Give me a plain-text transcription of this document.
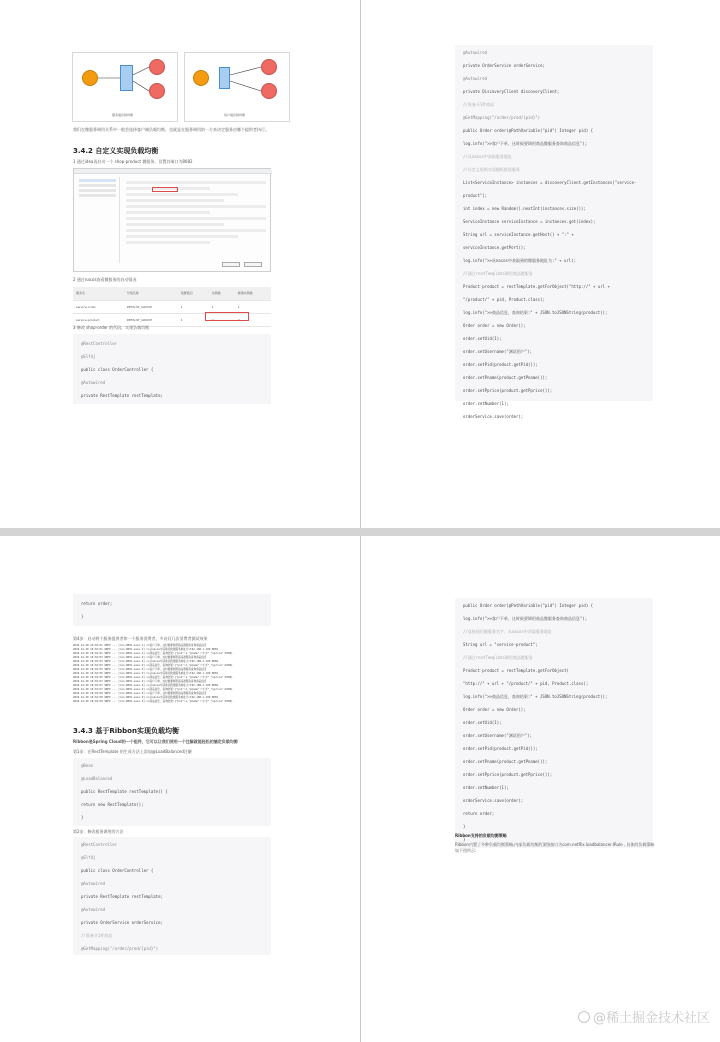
服务端负载均衡	客户端负载均衡
我们在微服务调用关系中一般会选择客户端负载均衡，也就是在服务调用的一方来决定服务由哪个提供者执行。
3.4.2 自定义实现负载均衡
1 通过idea再启动一个 shop-product 微服务，设置其端口为8082
2 通过nacos查看微服务的启动情况
服务名	分组名称	集群数目	实例数	健康实例数
service-order	DEFAULT_GROUP	1	1	1
service-product	DEFAULT_GROUP	1	2	2
3 修改 shop-order 的代码，实现负载均衡
@RestController
@Slf4j
public class OrderController {
@Autowired
private RestTemplate restTemplate;
@Autowired
private OrderService orderService;
@Autowired
private DiscoveryClient discoveryClient;
//准备买1件商品
@GetMapping("/order/prod/{pid}")
public Order order(@PathVariable("pid") Integer pid) {
log.info(">>客户下单，这时候要调用商品微服务查询商品信息");
//从nacos中获取服务地址
//自定义规则实现随机挑选服务
List<ServiceInstance> instances = discoveryClient.getInstances("service-
product");
int index = new Random().nextInt(instances.size());
ServiceInstance serviceInstance = instances.get(index);
String url = serviceInstance.getHost() + ":" +
serviceInstance.getPort();
log.info(">>从nacos中获取到的微服务地址为:" + url);
//通过restTemplate调用商品微服务
Product product = restTemplate.getForObject("http://" + url +
"/product/" + pid, Product.class);
log.info(">>商品信息，查询结果:" + JSON.toJSONString(product));
Order order = new Order();
order.setUid(1);
order.setUsername("测试用户");
order.setPid(product.getPid());
order.setPname(product.getPname());
order.setPprice(product.getPprice());
order.setNumber(1);
orderService.save(order);
return order;
}
第4步：启动两个服务提供者和一个服务消费者，多访问几次消费者测试效果
2019-12-20 16:32:01 INFO --- [nio-8091-exec-1] >>客户下单，这时候要调用商品微服务查询商品信息
2019-12-20 16:32:01 INFO --- [nio-8091-exec-1] >>从nacos中获取到的微服务地址为:192.168.1.102:8081
2019-12-20 16:32:01 INFO --- [nio-8091-exec-1] >>商品信息，查询结果:{"pid":1,"pname":"小米","pprice":1000}
2019-12-20 16:32:03 INFO --- [nio-8091-exec-2] >>客户下单，这时候要调用商品微服务查询商品信息
2019-12-20 16:32:03 INFO --- [nio-8091-exec-2] >>从nacos中获取到的微服务地址为:192.168.1.102:8082
2019-12-20 16:32:03 INFO --- [nio-8091-exec-2] >>商品信息，查询结果:{"pid":1,"pname":"小米","pprice":1000}
2019-12-20 16:32:05 INFO --- [nio-8091-exec-3] >>客户下单，这时候要调用商品微服务查询商品信息
2019-12-20 16:32:05 INFO --- [nio-8091-exec-3] >>从nacos中获取到的微服务地址为:192.168.1.102:8081
2019-12-20 16:32:05 INFO --- [nio-8091-exec-3] >>商品信息，查询结果:{"pid":1,"pname":"小米","pprice":1000}
2019-12-20 16:32:07 INFO --- [nio-8091-exec-4] >>客户下单，这时候要调用商品微服务查询商品信息
2019-12-20 16:32:07 INFO --- [nio-8091-exec-4] >>从nacos中获取到的微服务地址为:192.168.1.102:8082
2019-12-20 16:32:07 INFO --- [nio-8091-exec-4] >>商品信息，查询结果:{"pid":1,"pname":"小米","pprice":1000}
2019-12-20 16:32:09 INFO --- [nio-8091-exec-5] >>客户下单，这时候要调用商品微服务查询商品信息
2019-12-20 16:32:09 INFO --- [nio-8091-exec-5] >>从nacos中获取到的微服务地址为:192.168.1.102:8081
2019-12-20 16:32:09 INFO --- [nio-8091-exec-5] >>商品信息，查询结果:{"pid":1,"pname":"小米","pprice":1000}
3.4.3 基于Ribbon实现负载均衡
Ribbon是Spring Cloud的一个组件，它可以让我们使用一个注解就能轻松的搞定负载均衡
第1步：在RestTemplate 的生成方法上添加@LoadBalanced注解
@Bean
@LoadBalanced
public RestTemplate restTemplate() {
return new RestTemplate();
}
第2步：修改服务调用的方法
@RestController
@Slf4j
public class OrderController {
@Autowired
private RestTemplate restTemplate;
@Autowired
private OrderService orderService;
//准备买1件商品
@GetMapping("/order/prod/{pid}")
public Order order(@PathVariable("pid") Integer pid) {
log.info(">>客户下单，这时候要调用商品微服务查询商品信息");
//直接使用微服务名字，从nacos中获取服务地址
String url = "service-product";
//通过restTemplate调用商品微服务
Product product = restTemplate.getForObject(
"http://" + url + "/product/" + pid, Product.class);
log.info(">>商品信息，查询结果:" + JSON.toJSONString(product));
Order order = new Order();
order.setUid(1);
order.setUsername("测试用户");
order.setPid(product.getPid());
order.setPname(product.getPname());
order.setPprice(product.getPprice());
order.setNumber(1);
orderService.save(order);
return order;
}
}
Ribbon支持的负载均衡策略
Ribbon内置了多种负载均衡策略,内部负载均衡的顶级接口为com.netflix.loadbalancer.IRule , 具体的负载策略如下图所示:
@稀土掘金技术社区
